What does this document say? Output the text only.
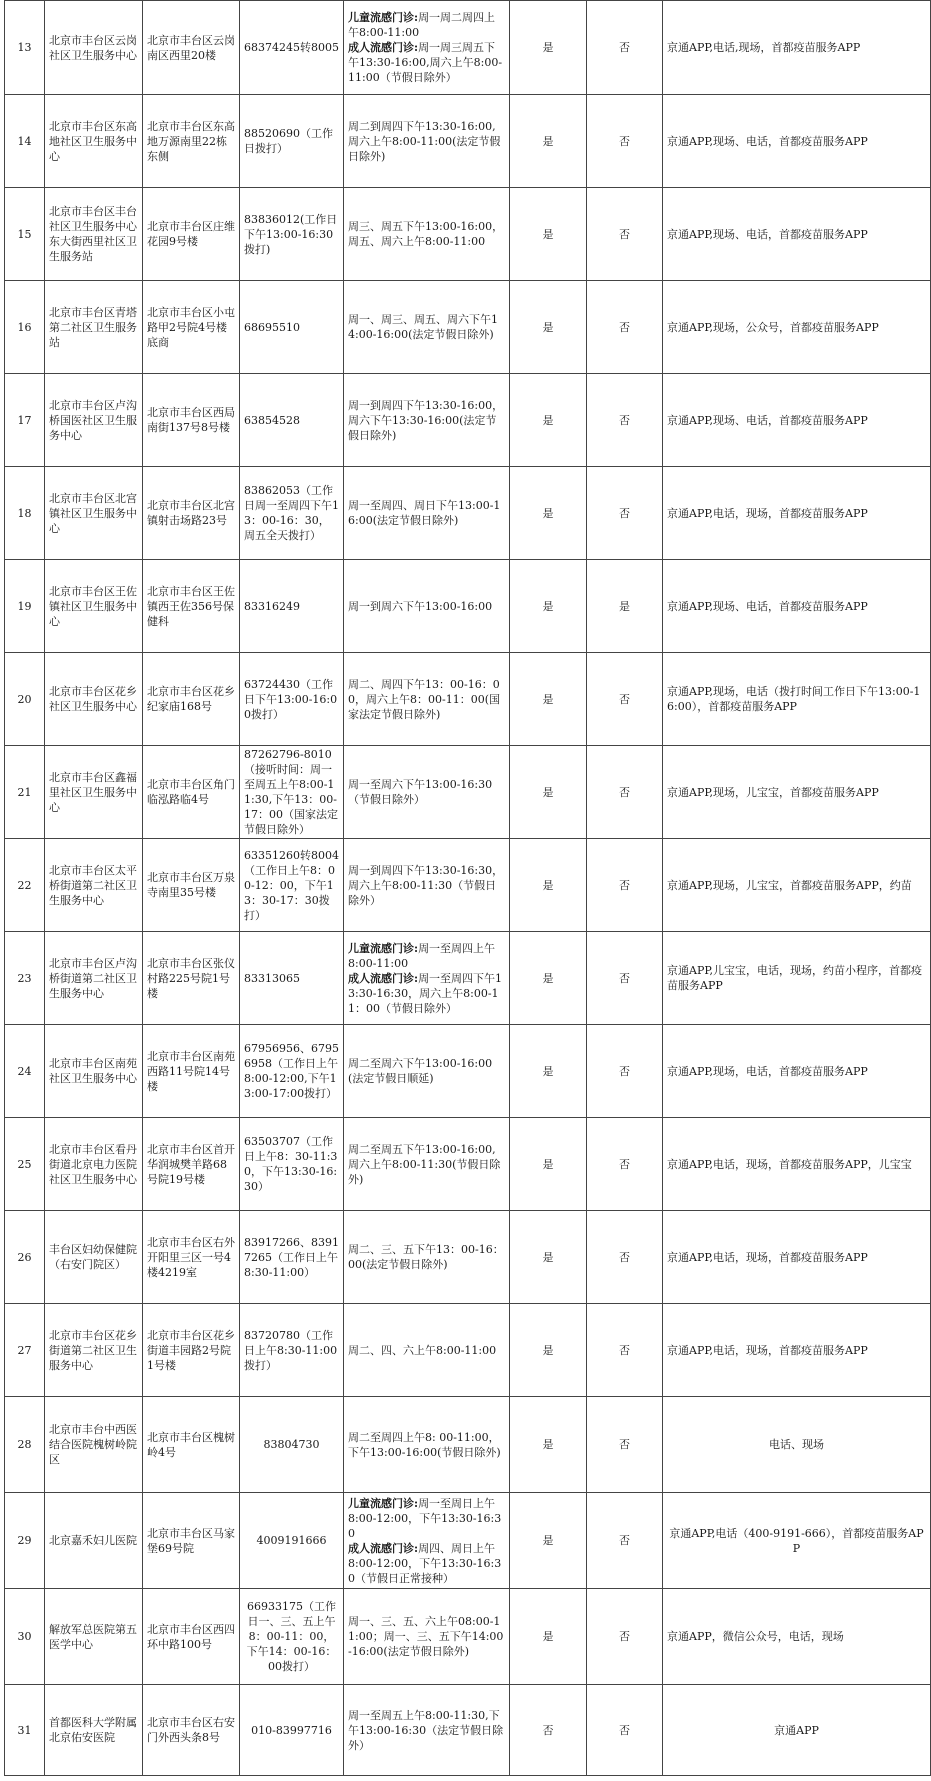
13	北京市丰台区云岗社区卫生服务中心	北京市丰台区云岗南区西里20楼	68374245转8005	儿童流感门诊:周一周二周四上午8:00-11:00
成人流感门诊:周一周三周五下午13:30-16:00,周六上午8:00-11:00（节假日除外）	是	否	京通APP,电话,现场，首都疫苗服务APP
14	北京市丰台区东高地社区卫生服务中心	北京市丰台区东高地万源南里22栋东侧	88520690（工作日拨打）	周二到周四下午13:30-16:00,周六上午8:00-11:00(法定节假日除外)	是	否	京通APP,现场、电话，首都疫苗服务APP
15	北京市丰台区丰台社区卫生服务中心东大街西里社区卫生服务站	北京市丰台区庄维花园9号楼	83836012(工作日下午13:00-16:30拨打)	周三、周五下午13:00-16:00，周五、周六上午8:00-11:00	是	否	京通APP,现场、电话，首都疫苗服务APP
16	北京市丰台区青塔第二社区卫生服务站	北京市丰台区小屯路甲2号院4号楼底商	68695510	周一、周三、周五、周六下午14:00-16:00(法定节假日除外)	是	否	京通APP,现场，公众号，首都疫苗服务APP
17	北京市丰台区卢沟桥国医社区卫生服务中心	北京市丰台区西局南街137号8号楼	63854528	周一到周四下午13:30-16:00，周六下午13:30-16:00(法定节假日除外)	是	否	京通APP,现场、电话，首都疫苗服务APP
18	北京市丰台区北宫镇社区卫生服务中心	北京市丰台区北宫镇射击场路23号	83862053（工作日周一至周四下午13：00-16：30，周五全天拨打）	周一至周四、周日下午13:00-16:00(法定节假日除外)	是	否	京通APP,电话，现场，首都疫苗服务APP
19	北京市丰台区王佐镇社区卫生服务中心	北京市丰台区王佐镇西王佐356号保健科	83316249	周一到周六下午13:00-16:00	是	是	京通APP,现场、电话，首都疫苗服务APP
20	北京市丰台区花乡社区卫生服务中心	北京市丰台区花乡纪家庙168号	63724430（工作日下午13:00-16:00拨打）	周二、周四下午13：00-16：00，周六上午8：00-11：00(国家法定节假日除外)	是	否	京通APP,现场，电话（拨打时间工作日下午13:00-16:00），首都疫苗服务APP
21	北京市丰台区鑫福里社区卫生服务中心	北京市丰台区角门临泓路临4号	87262796-8010（接听时间：周一至周五上午8:00-11:30,下午13：00-17：00（国家法定节假日除外）	周一至周六下午13:00-16:30（节假日除外）	是	否	京通APP,现场，儿宝宝，首都疫苗服务APP
22	北京市丰台区太平桥街道第二社区卫生服务中心	北京市丰台区万泉寺南里35号楼	63351260转8004（工作日上午8：00-12：00，下午13：30-17：30拨打）	周一到周四下午13:30-16:30，周六上午8:00-11:30（节假日除外）	是	否	京通APP,现场，儿宝宝，首都疫苗服务APP，约苗
23	北京市丰台区卢沟桥街道第二社区卫生服务中心	北京市丰台区张仪村路225号院1号楼	83313065	儿童流感门诊:周一至周四上午8:00-11:00
成人流感门诊:周一至周四下午13:30-16:30，周六上午8:00-11：00（节假日除外）	是	否	京通APP,儿宝宝，电话，现场，约苗小程序，首都疫苗服务APP
24	北京市丰台区南苑社区卫生服务中心	北京市丰台区南苑西路11号院14号楼	67956956、67956958（工作日上午8:00-12:00,下午13:00-17:00拨打）	周二至周六下午13:00-16:00(法定节假日顺延)	是	否	京通APP,现场，电话，首都疫苗服务APP
25	北京市丰台区看丹街道北京电力医院社区卫生服务中心	北京市丰台区首开华润城樊羊路68号院19号楼	63503707（工作日上午8：30-11:30，下午13:30-16:30）	周二至周五下午13:00-16:00,周六上午8:00-11:30(节假日除外)	是	否	京通APP,电话，现场，首都疫苗服务APP，儿宝宝
26	丰台区妇幼保健院（右安门院区）	北京市丰台区右外开阳里三区一号4楼4219室	83917266、83917265（工作日上午8:30-11:00）	周二、三、五下午13：00-16：00(法定节假日除外)	是	否	京通APP,电话，现场，首都疫苗服务APP
27	北京市丰台区花乡街道第二社区卫生服务中心	北京市丰台区花乡街道丰园路2号院1号楼	83720780（工作日上午8:30-11:00拨打）	周二、四、六上午8:00-11:00	是	否	京通APP,电话，现场，首都疫苗服务APP
28	北京市丰台中西医结合医院槐树岭院区	北京市丰台区槐树岭4号	83804730	周二至周四上午8: 00-11:00，下午13:00-16:00(节假日除外)	是	否	电话、现场
29	北京嘉禾妇儿医院	北京市丰台区马家堡69号院	4009191666	儿童流感门诊:周一至周日上午8:00-12:00，下午13:30-16:30
成人流感门诊:周四、周日上午8:00-12:00，下午13:30-16:30（节假日正常接种）	是	否	京通APP,电话（400-9191-666），首都疫苗服务APP
30	解放军总医院第五医学中心	北京市丰台区西四环中路100号	66933175（工作日一、三、五上午8：00-11：00，下午14：00-16：00拨打）	周一、三、五、六上午08:00-11:00；周一、三、五下午14:00-16:00(法定节假日除外)	是	否	京通APP，微信公众号，电话，现场
31	首都医科大学附属北京佑安医院	北京市丰台区右安门外西头条8号	010-83997716	周一至周五上午8:00-11:30,下午13:00-16:30（法定节假日除外）	否	否	京通APP
